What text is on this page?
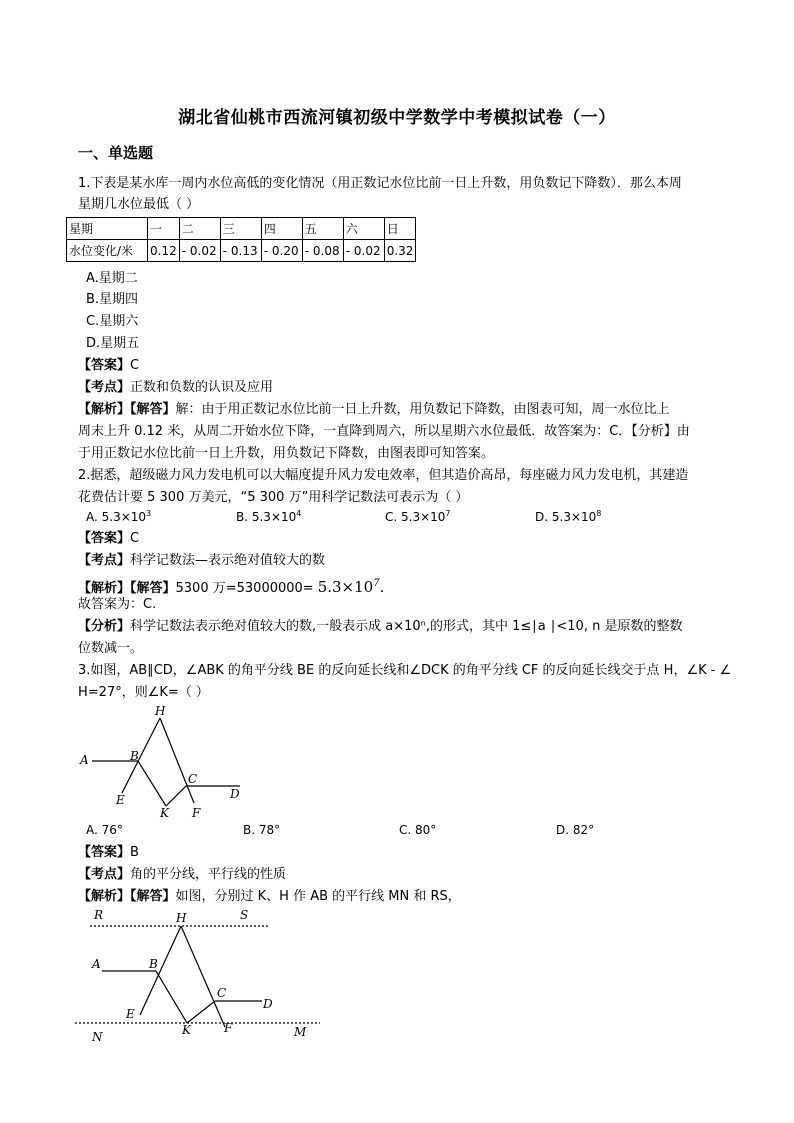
湖北省仙桃市西流河镇初级中学数学中考模拟试卷（一）
一、单选题
1.下表是某水库一周内水位高低的变化情况（用正数记水位比前一日上升数，用负数记下降数）．那么本周
星期几水位最低（ ）
星期	一	二	三	四	五	六	日
水位变化/米	0.12	- 0.02	- 0.13	- 0.20	- 0.08	- 0.02	0.32
A.星期二
B.星期四
C.星期六
D.星期五
【答案】C
【考点】正数和负数的认识及应用
【解析】【解答】解：由于用正数记水位比前一日上升数，用负数记下降数，由图表可知，周一水位比上
周末上升 0.12 米，从周二开始水位下降，一直降到周六，所以星期六水位最低．故答案为：C．【分析】由
于用正数记水位比前一日上升数，用负数记下降数，由图表即可知答案。
2.据悉，超级磁力风力发电机可以大幅度提升风力发电效率，但其造价高昂，每座磁力风力发电机，其建造
花费估计要 5 300 万美元，“5 300 万”用科学记数法可表示为（ ）
A. $5.3\times 10^3$	B. $5.3\times 10^4$	C. $5.3\times 10^7$	D. $5.3\times 10^8$
【答案】C
【考点】科学记数法—表示绝对值较大的数
【解析】【解答】5300 万$=53000000= 5.3\times 10^7$.
故答案为：C.
【分析】科学记数法表示绝对值较大的数,一般表示成 a×10ⁿ,的形式，其中 1≤∣a ∣<10, n 是原数的整数
位数减一。
3.如图，AB∥CD，∠ABK 的角平分线 BE 的反向延长线和∠DCK 的角平分线 CF 的反向延长线交于点 H，∠K - ∠
H=27°，则∠K=（ ）
H
A	B
C
D
E
K F
A. 76°	B. 78°	C. 80°	D. 82°
【答案】B
【考点】角的平分线，平行线的性质
【解析】【解答】如图，分别过 K、H 作 AB 的平行线 MN 和 RS，
R	H	S
A	B
C
D
E
K	F
N	M
